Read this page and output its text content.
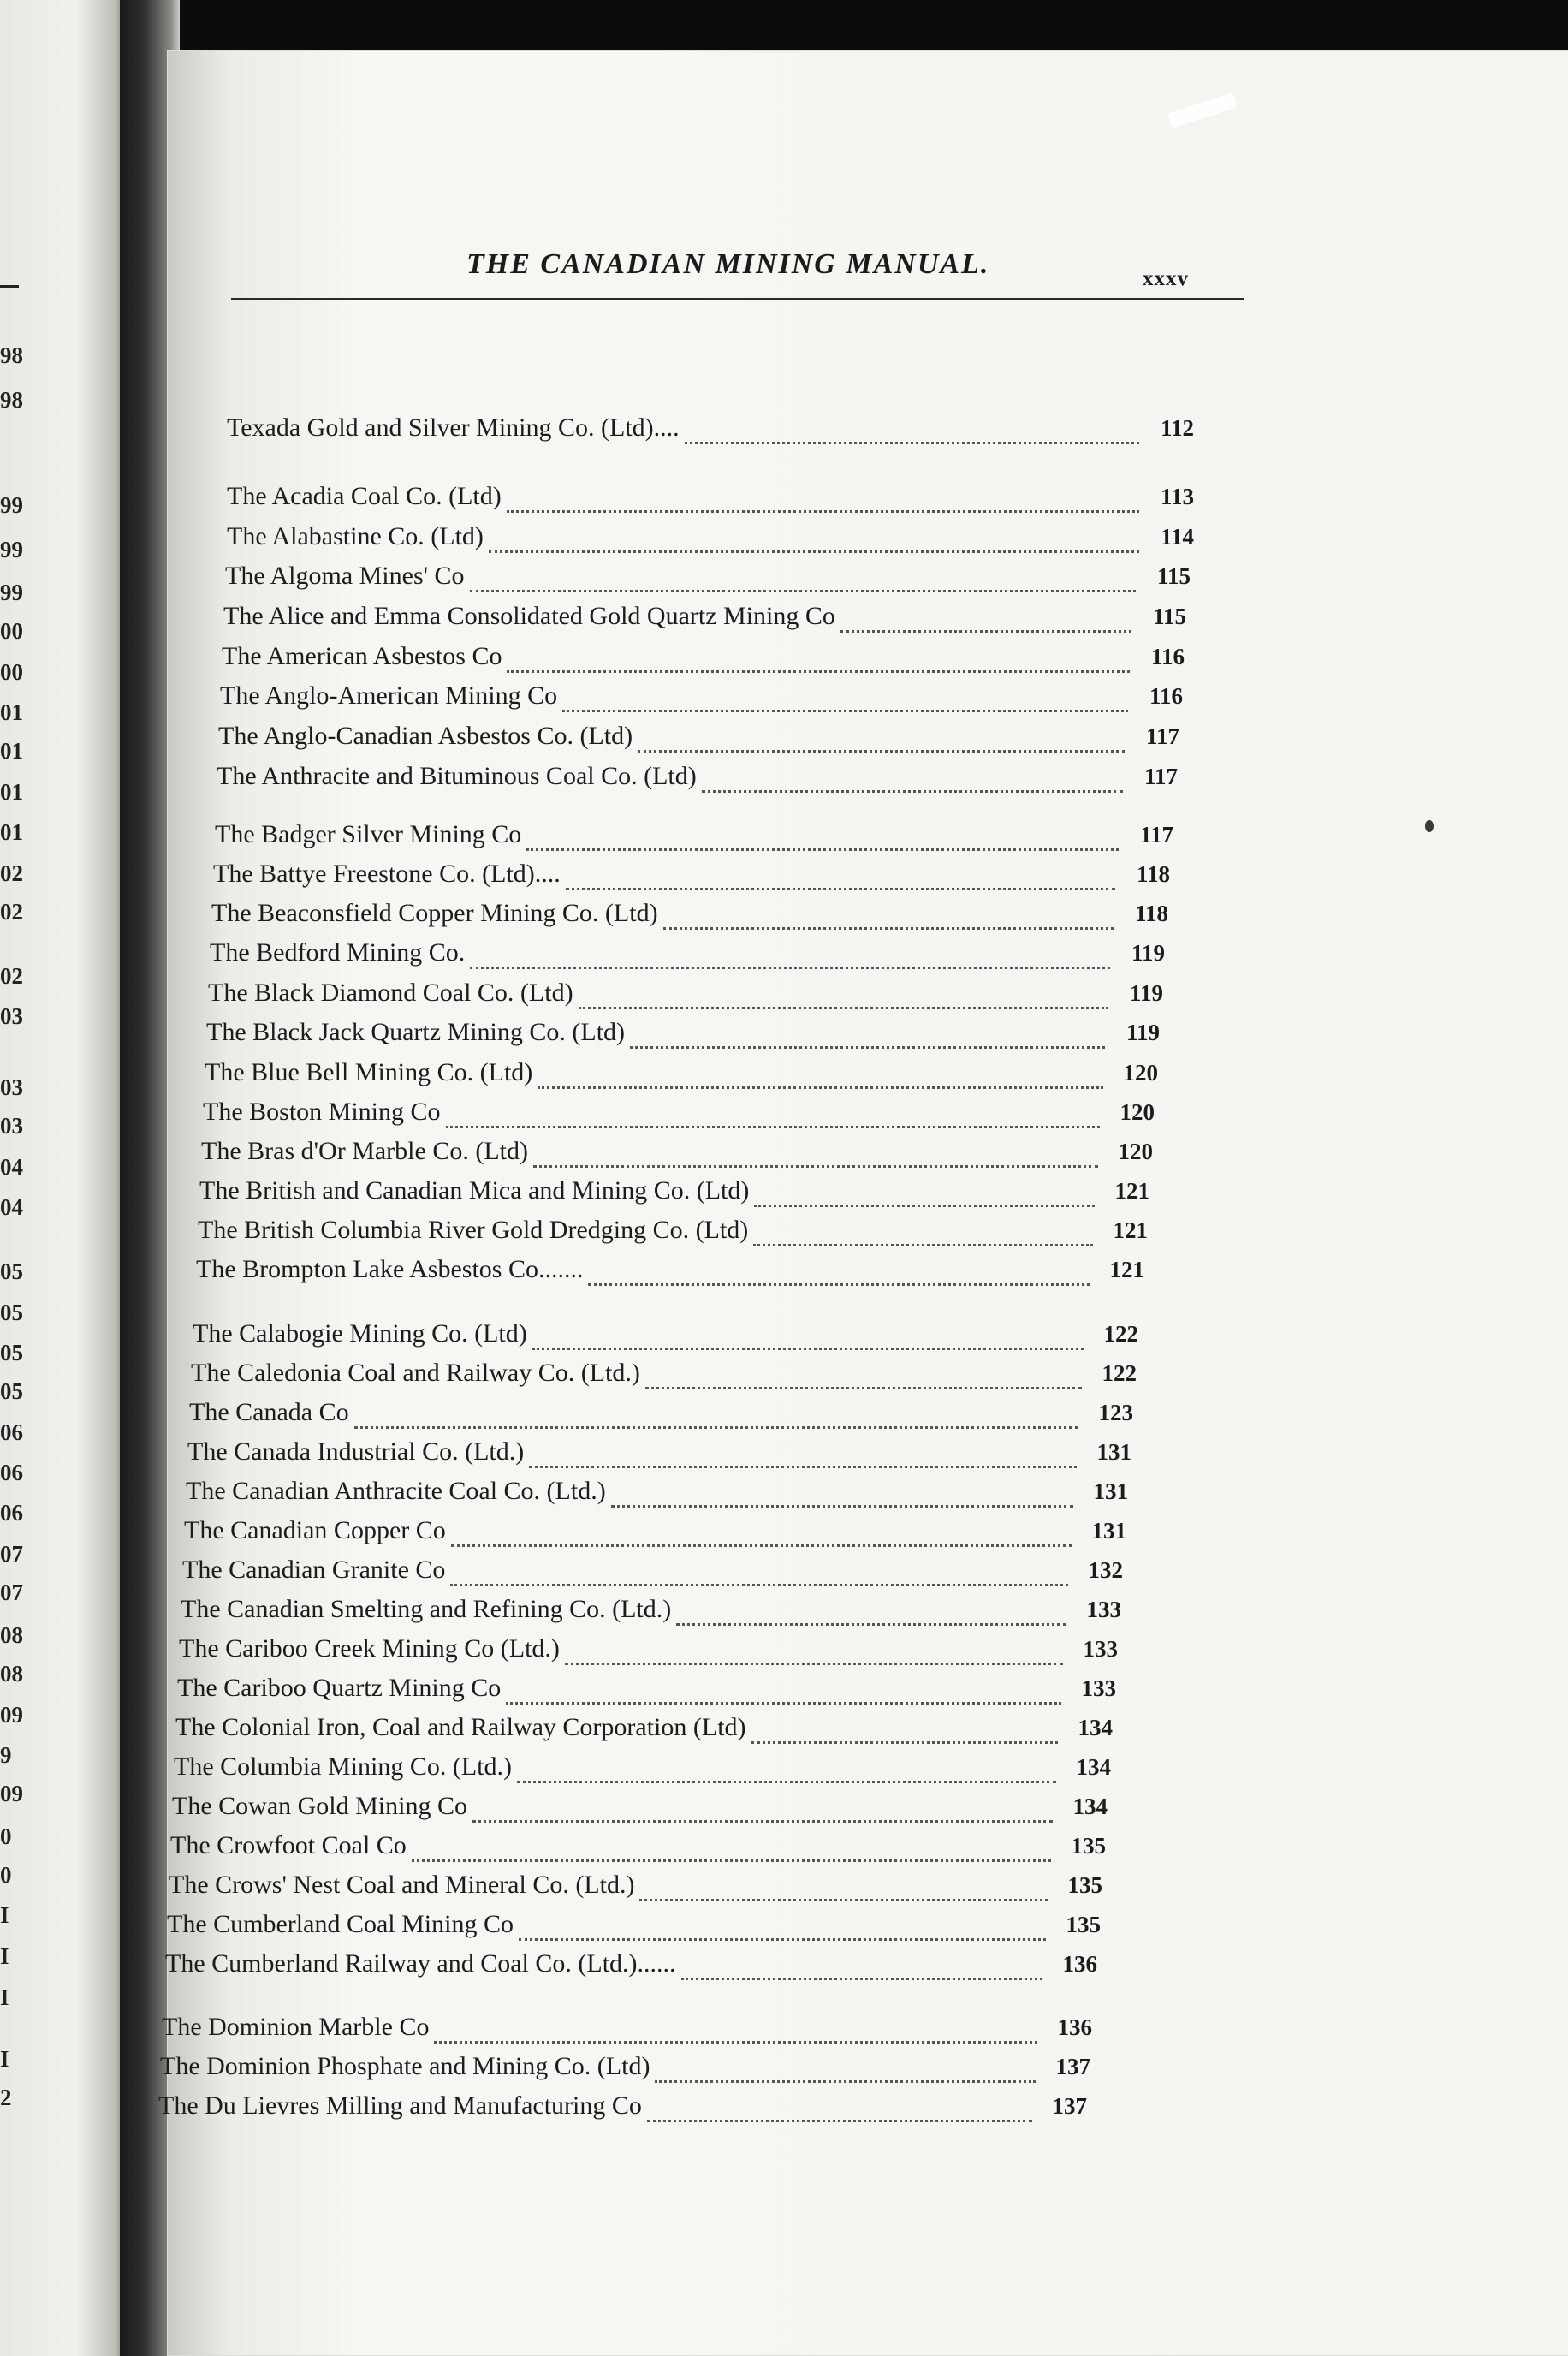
98
98
99
99
99
00
00
01
01
01
01
02
02
02
03
03
03
04
04
05
05
05
05
06
06
06
07
07
08
08
09
9
09
0
0
I
I
I
I
2
THE CANADIAN MINING MANUAL.	xxxv
Texada Gold and Silver Mining Co. (Ltd)....	112
The Acadia Coal Co. (Ltd)	113
The Alabastine Co. (Ltd)	114
The Algoma Mines' Co	115
The Alice and Emma Consolidated Gold Quartz Mining Co	115
The American Asbestos Co	116
The Anglo-American Mining Co	116
The Anglo-Canadian Asbestos Co. (Ltd)	117
The Anthracite and Bituminous Coal Co. (Ltd)	117
The Badger Silver Mining Co	117
The Battye Freestone Co. (Ltd)....	118
The Beaconsfield Copper Mining Co. (Ltd)	118
The Bedford Mining Co.	119
The Black Diamond Coal Co. (Ltd)	119
The Black Jack Quartz Mining Co. (Ltd)	119
The Blue Bell Mining Co. (Ltd)	120
The Boston Mining Co	120
The Bras d'Or Marble Co. (Ltd)	120
The British and Canadian Mica and Mining Co. (Ltd)	121
The British Columbia River Gold Dredging Co. (Ltd)	121
The Brompton Lake Asbestos Co.......	121
The Calabogie Mining Co. (Ltd)	122
The Caledonia Coal and Railway Co. (Ltd.)	122
The Canada Co	123
The Canada Industrial Co. (Ltd.)	131
The Canadian Anthracite Coal Co. (Ltd.)	131
The Canadian Copper Co	131
The Canadian Granite Co	132
The Canadian Smelting and Refining Co. (Ltd.)	133
The Cariboo Creek Mining Co (Ltd.)	133
The Cariboo Quartz Mining Co	133
The Colonial Iron, Coal and Railway Corporation (Ltd)	134
The Columbia Mining Co. (Ltd.)	134
The Cowan Gold Mining Co	134
The Crowfoot Coal Co	135
The Crows' Nest Coal and Mineral Co. (Ltd.)	135
The Cumberland Coal Mining Co	135
The Cumberland Railway and Coal Co. (Ltd.)......	136
The Dominion Marble Co	136
The Dominion Phosphate and Mining Co. (Ltd)	137
The Du Lievres Milling and Manufacturing Co	137
